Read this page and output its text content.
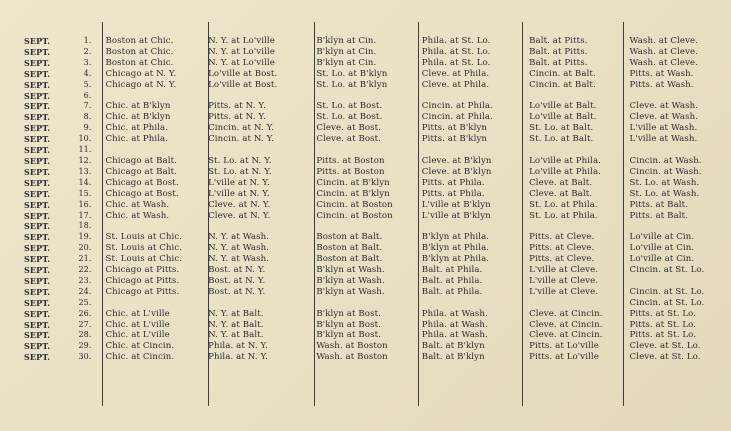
SEPT.	1.	Boston at Chic.	N. Y. at Lo'ville	B'klyn at Cin.	Phila. at St. Lo.	Balt. at Pitts.	Wash. at Cleve.
SEPT.	2.	Boston at Chic.	N. Y. at Lo'ville	B'klyn at Cin.	Phila. at St. Lo.	Balt. at Pitts.	Wash. at Cleve.
SEPT.	3.	Boston at Chic.	N. Y. at Lo'ville	B'klyn at Cin.	Phila. at St. Lo.	Balt. at Pitts.	Wash. at Cleve.
SEPT.	4.	Chicago at N. Y.	Lo'ville at Bost.	St. Lo. at B'klyn	Cleve. at Phila.	Cincin. at Balt.	Pitts. at Wash.
SEPT.	5.	Chicago at N. Y.	Lo'ville at Bost.	St. Lo. at B'klyn	Cleve. at Phila.	Cincin. at Balt.	Pitts. at Wash.
SEPT.	6.						
SEPT.	7.	Chic. at B'klyn	Pitts. at N. Y.	St. Lo. at Bost.	Cincin. at Phila.	Lo'ville at Balt.	Cleve. at Wash.
SEPT.	8.	Chic. at B'klyn	Pitts. at N. Y.	St. Lo. at Bost.	Cincin. at Phila.	Lo'ville at Balt.	Cleve. at Wash.
SEPT.	9.	Chic. at Phila.	Cincin. at N. Y.	Cleve. at Bost.	Pitts. at B'klyn	St. Lo. at Balt.	L'ville at Wash.
SEPT.	10.	Chic. at Phila.	Cincin. at N. Y.	Cleve. at Bost.	Pitts. at B'klyn	St. Lo. at Balt.	L'ville at Wash.
SEPT.	11.						
SEPT.	12.	Chicago at Balt.	St. Lo. at N. Y.	Pitts. at Boston	Cleve. at B'klyn	Lo'ville at Phila.	Cincin. at Wash.
SEPT.	13.	Chicago at Balt.	St. Lo. at N. Y.	Pitts. at Boston	Cleve. at B'klyn	Lo'ville at Phila.	Cincin. at Wash.
SEPT.	14.	Chicago at Bost.	L'ville at N. Y.	Cincin. at B'klyn	Pitts. at Phila.	Cleve. at Balt.	St. Lo. at Wash.
SEPT.	15.	Chicago at Bost.	L'ville at N. Y.	Cincin. at B'klyn	Pitts. at Phila.	Cleve. at Balt.	St. Lo. at Wash.
SEPT.	16.	Chic. at Wash.	Cleve. at N. Y.	Cincin. at Boston	L'ville at B'klyn	St. Lo. at Phila.	Pitts. at Balt.
SEPT.	17.	Chic. at Wash.	Cleve. at N. Y.	Cincin. at Boston	L'ville at B'klyn	St. Lo. at Phila.	Pitts. at Balt.
SEPT.	18.						
SEPT.	19.	St. Louis at Chic.	N. Y. at Wash.	Boston at Balt.	B'klyn at Phila.	Pitts. at Cleve.	Lo'ville at Cin.
SEPT.	20.	St. Louis at Chic.	N. Y. at Wash.	Boston at Balt.	B'klyn at Phila.	Pitts. at Cleve.	Lo'ville at Cin.
SEPT.	21.	St. Louis at Chic.	N. Y. at Wash.	Boston at Balt.	B'klyn at Phila.	Pitts. at Cleve.	Lo'ville at Cin.
SEPT.	22.	Chicago at Pitts.	Bost. at N. Y.	B'klyn at Wash.	Balt. at Phila.	L'ville at Cleve.	Cincin. at St. Lo.
SEPT.	23.	Chicago at Pitts.	Bost. at N. Y.	B'klyn at Wash.	Balt. at Phila.	L'ville at Cleve.	
SEPT.	24.	Chicago at Pitts.	Bost. at N. Y.	B'klyn at Wash.	Balt. at Phila.	L'ville at Cleve.	Cincin. at St. Lo.
SEPT.	25.						Cincin. at St. Lo.
SEPT.	26.	Chic. at L'ville	N. Y. at Balt.	B'klyn at Bost.	Phila. at Wash.	Cleve. at Cincin.	Pitts. at St. Lo.
SEPT.	27.	Chic. at L'ville	N. Y. at Balt.	B'klyn at Bost.	Phila. at Wash.	Cleve. at Cincin.	Pitts. at St. Lo.
SEPT.	28.	Chic. at L'ville	N. Y. at Balt.	B'klyn at Bost.	Phila. at Wash.	Cleve. at Cincin.	Pitts. at St. Lo.
SEPT.	29.	Chic. at Cincin.	Phila. at N. Y.	Wash. at Boston	Balt. at B'klyn	Pitts. at Lo'ville	Cleve. at St. Lo.
SEPT.	30.	Chic. at Cincin.	Phila. at N. Y.	Wash. at Boston	Balt. at B'klyn	Pitts. at Lo'ville	Cleve. at St. Lo.
